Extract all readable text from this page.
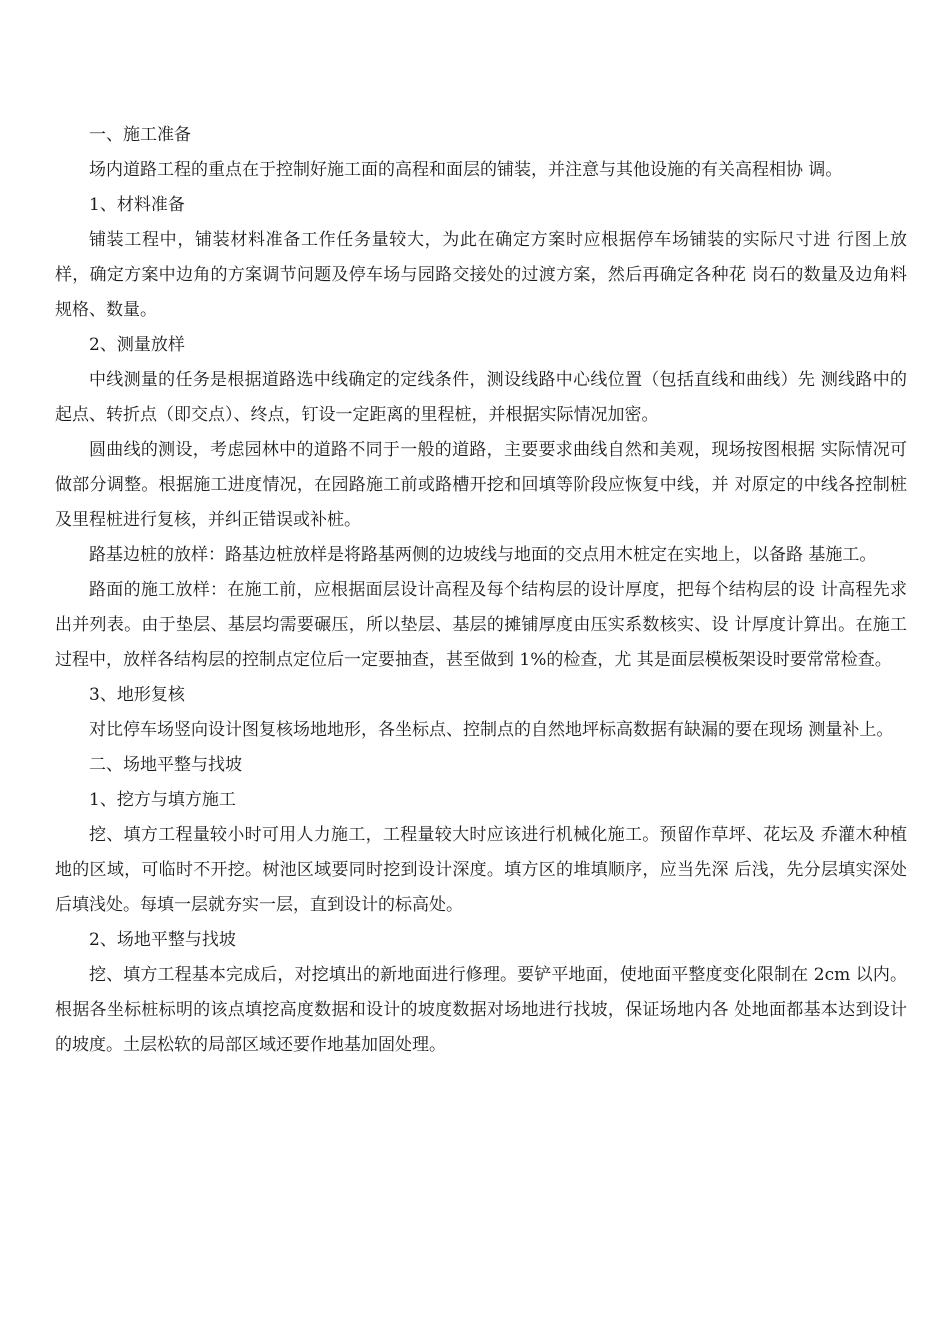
一、施工准备

场内道路工程的重点在于控制好施工面的高程和面层的铺装，并注意与其他设施的有关高程相协 调。

1、材料准备

铺装工程中，铺装材料准备工作任务量较大，为此在确定方案时应根据停车场铺装的实际尺寸进 行图上放样，确定方案中边角的方案调节问题及停车场与园路交接处的过渡方案，然后再确定各种花 岗石的数量及边角料规格、数量。

2、测量放样

中线测量的任务是根据道路选中线确定的定线条件，测设线路中心线位置（包括直线和曲线）先 测线路中的起点、转折点（即交点）、终点，钉设一定距离的里程桩，并根据实际情况加密。

圆曲线的测设，考虑园林中的道路不同于一般的道路，主要要求曲线自然和美观，现场按图根据 实际情况可做部分调整。根据施工进度情况，在园路施工前或路槽开挖和回填等阶段应恢复中线，并 对原定的中线各控制桩及里程桩进行复核，并纠正错误或补桩。

路基边桩的放样：路基边桩放样是将路基两侧的边坡线与地面的交点用木桩定在实地上，以备路 基施工。

路面的施工放样：在施工前，应根据面层设计高程及每个结构层的设计厚度，把每个结构层的设 计高程先求出并列表。由于垫层、基层均需要碾压，所以垫层、基层的摊铺厚度由压实系数核实、设 计厚度计算出。在施工过程中，放样各结构层的控制点定位后一定要抽查，甚至做到 1%的检查，尤 其是面层模板架设时要常常检查。

3、地形复核

对比停车场竖向设计图复核场地地形，各坐标点、控制点的自然地坪标高数据有缺漏的要在现场 测量补上。

二、场地平整与找坡

1、挖方与填方施工

挖、填方工程量较小时可用人力施工，工程量较大时应该进行机械化施工。预留作草坪、花坛及 乔灌木种植地的区域，可临时不开挖。树池区域要同时挖到设计深度。填方区的堆填顺序，应当先深 后浅，先分层填实深处后填浅处。每填一层就夯实一层，直到设计的标高处。

2、场地平整与找坡

挖、填方工程基本完成后，对挖填出的新地面进行修理。要铲平地面，使地面平整度变化限制在 2cm 以内。根据各坐标桩标明的该点填挖高度数据和设计的坡度数据对场地进行找坡，保证场地内各 处地面都基本达到设计的坡度。土层松软的局部区域还要作地基加固处理。
